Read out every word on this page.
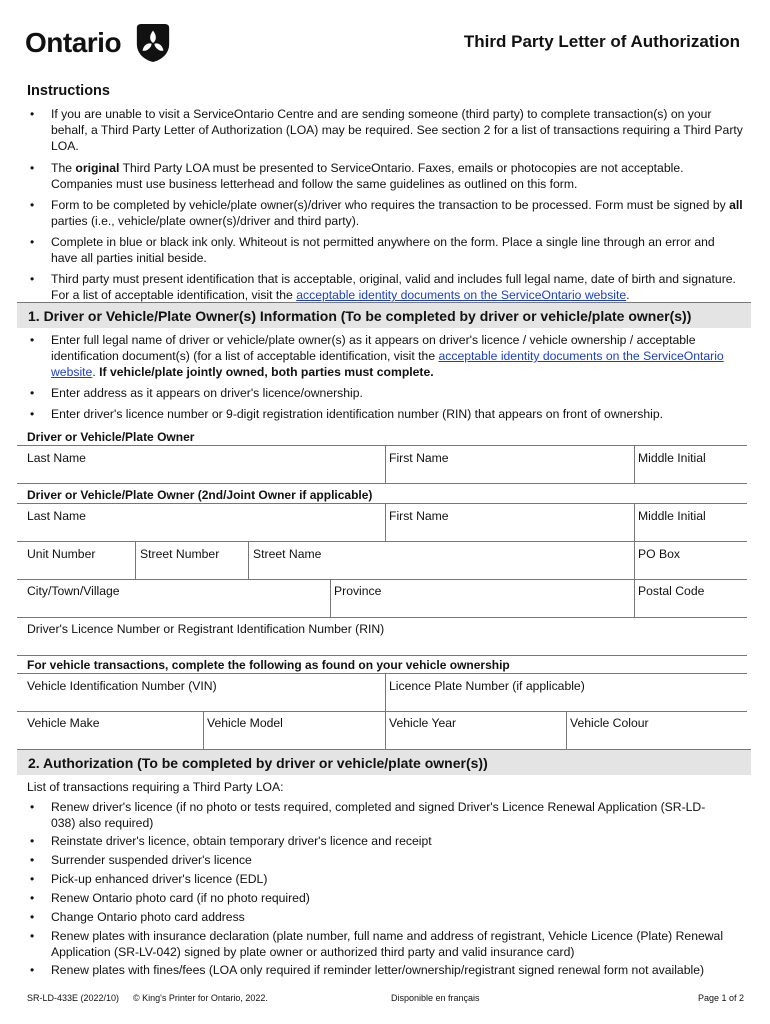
Ontario	Third Party Letter of Authorization
Instructions
• If you are unable to visit a ServiceOntario Centre and are sending someone (third party) to complete transaction(s) on your behalf, a Third Party Letter of Authorization (LOA) may be required. See section 2 for a list of transactions requiring a Third Party LOA.
• The original Third Party LOA must be presented to ServiceOntario. Faxes, emails or photocopies are not acceptable. Companies must use business letterhead and follow the same guidelines as outlined on this form.
• Form to be completed by vehicle/plate owner(s)/driver who requires the transaction to be processed. Form must be signed by all parties (i.e., vehicle/plate owner(s)/driver and third party).
• Complete in blue or black ink only. Whiteout is not permitted anywhere on the form. Place a single line through an error and have all parties initial beside.
• Third party must present identification that is acceptable, original, valid and includes full legal name, date of birth and signature. For a list of acceptable identification, visit the acceptable identity documents on the ServiceOntario website.
1. Driver or Vehicle/Plate Owner(s) Information (To be completed by driver or vehicle/plate owner(s))
• Enter full legal name of driver or vehicle/plate owner(s) as it appears on driver's licence / vehicle ownership / acceptable identification document(s) (for a list of acceptable identification, visit the acceptable identity documents on the ServiceOntario website. If vehicle/plate jointly owned, both parties must complete.
• Enter address as it appears on driver's licence/ownership.
• Enter driver's licence number or 9-digit registration identification number (RIN) that appears on front of ownership.
Driver or Vehicle/Plate Owner
Last Name	First Name	Middle Initial
Driver or Vehicle/Plate Owner (2nd/Joint Owner if applicable)
Last Name	First Name	Middle Initial
Unit Number	Street Number	Street Name	PO Box
City/Town/Village	Province	Postal Code
Driver's Licence Number or Registrant Identification Number (RIN)
For vehicle transactions, complete the following as found on your vehicle ownership
Vehicle Identification Number (VIN)	Licence Plate Number (if applicable)
Vehicle Make	Vehicle Model	Vehicle Year	Vehicle Colour
2. Authorization (To be completed by driver or vehicle/plate owner(s))
List of transactions requiring a Third Party LOA:
• Renew driver's licence (if no photo or tests required, completed and signed Driver's Licence Renewal Application (SR-LD-038) also required)
• Reinstate driver's licence, obtain temporary driver's licence and receipt
• Surrender suspended driver's licence
• Pick-up enhanced driver's licence (EDL)
• Renew Ontario photo card (if no photo required)
• Change Ontario photo card address
• Renew plates with insurance declaration (plate number, full name and address of registrant, Vehicle Licence (Plate) Renewal Application (SR-LV-042) signed by plate owner or authorized third party and valid insurance card)
• Renew plates with fines/fees (LOA only required if reminder letter/ownership/registrant signed renewal form not available)
SR-LD-433E (2022/10) © King's Printer for Ontario, 2022.	Disponible en français	Page 1 of 2
